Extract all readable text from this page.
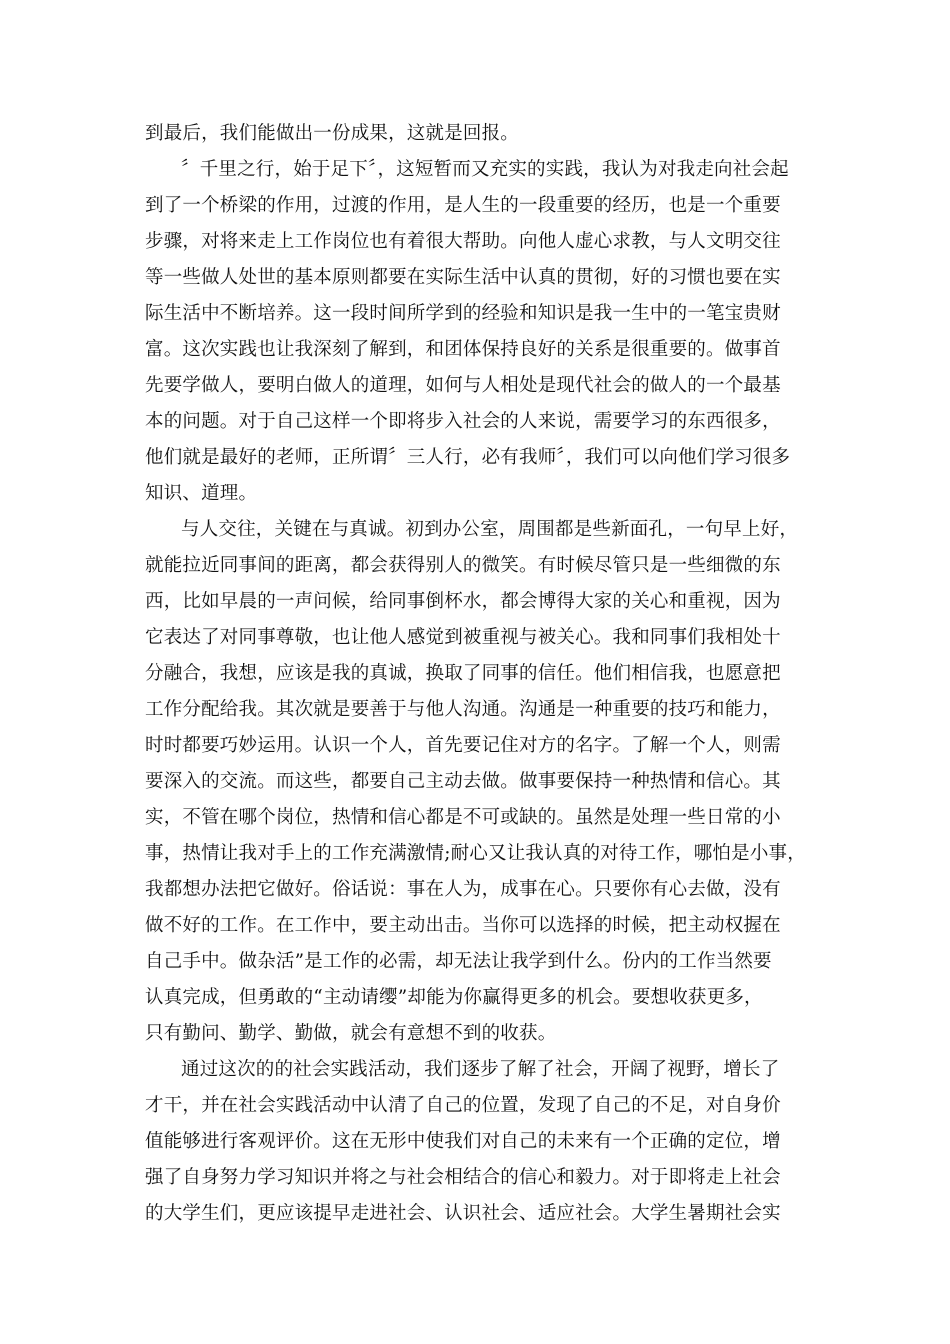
到最后，我们能做出一份成果，这就是回报。
〞千里之行，始于足下〞，这短暂而又充实的实践，我认为对我走向社会起
到了一个桥梁的作用，过渡的作用，是人生的一段重要的经历，也是一个重要
步骤，对将来走上工作岗位也有着很大帮助。向他人虚心求教，与人文明交往
等一些做人处世的基本原则都要在实际生活中认真的贯彻，好的习惯也要在实
际生活中不断培养。这一段时间所学到的经验和知识是我一生中的一笔宝贵财
富。这次实践也让我深刻了解到，和团体保持良好的关系是很重要的。做事首
先要学做人，要明白做人的道理，如何与人相处是现代社会的做人的一个最基
本的问题。对于自己这样一个即将步入社会的人来说，需要学习的东西很多，
他们就是最好的老师，正所谓〞三人行，必有我师〞，我们可以向他们学习很多
知识、道理。
与人交往，关键在与真诚。初到办公室，周围都是些新面孔，一句早上好，
就能拉近同事间的距离，都会获得别人的微笑。有时候尽管只是一些细微的东
西，比如早晨的一声问候，给同事倒杯水，都会博得大家的关心和重视，因为
它表达了对同事尊敬，也让他人感觉到被重视与被关心。我和同事们我相处十
分融合，我想，应该是我的真诚，换取了同事的信任。他们相信我，也愿意把
工作分配给我。其次就是要善于与他人沟通。沟通是一种重要的技巧和能力，
时时都要巧妙运用。认识一个人，首先要记住对方的名字。了解一个人，则需
要深入的交流。而这些，都要自己主动去做。做事要保持一种热情和信心。其
实，不管在哪个岗位，热情和信心都是不可或缺的。虽然是处理一些日常的小
事，热情让我对手上的工作充满激情;耐心又让我认真的对待工作，哪怕是小事，
我都想办法把它做好。俗话说：事在人为，成事在心。只要你有心去做，没有
做不好的工作。在工作中，要主动出击。当你可以选择的时候，把主动权握在
自己手中。做杂活”是工作的必需，却无法让我学到什么。份内的工作当然要
认真完成，但勇敢的“主动请缨”却能为你赢得更多的机会。要想收获更多，
只有勤问、勤学、勤做，就会有意想不到的收获。
通过这次的的社会实践活动，我们逐步了解了社会，开阔了视野，增长了
才干，并在社会实践活动中认清了自己的位置，发现了自己的不足，对自身价
值能够进行客观评价。这在无形中使我们对自己的未来有一个正确的定位，增
强了自身努力学习知识并将之与社会相结合的信心和毅力。对于即将走上社会
的大学生们，更应该提早走进社会、认识社会、适应社会。大学生暑期社会实
